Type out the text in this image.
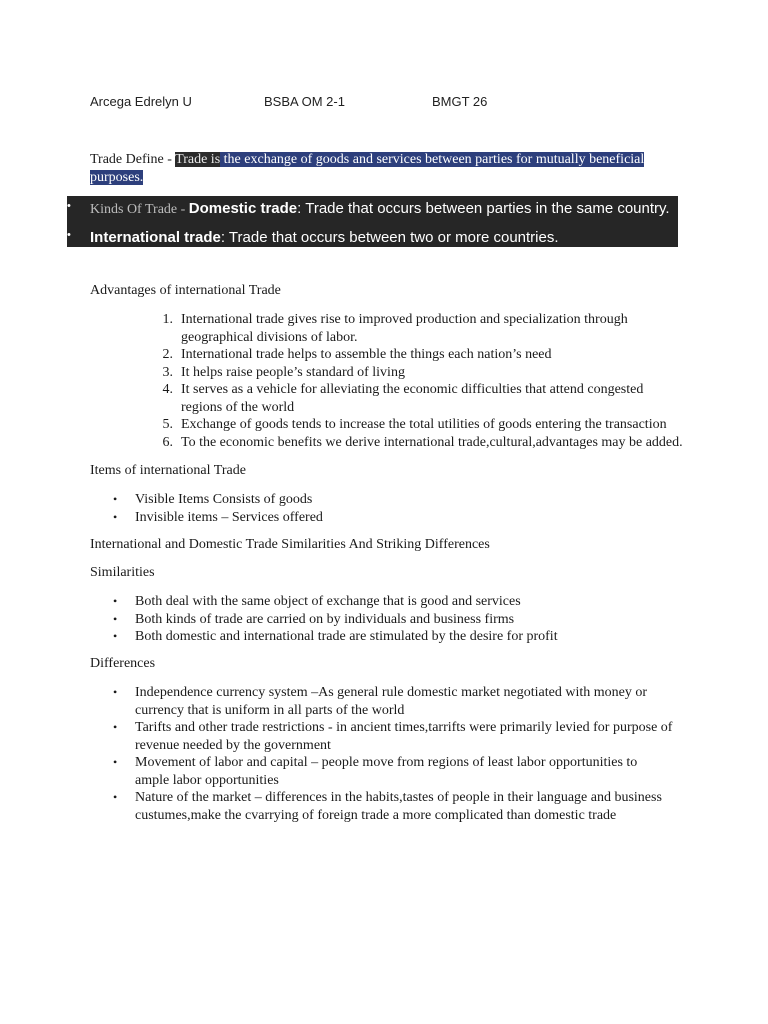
Arcega Edrelyn U	BSBA OM 2-1	BMGT 26
Trade Define - Trade is the exchange of goods and services between parties for mutually beneficial purposes.
•	Kinds Of Trade - Domestic trade: Trade that occurs between parties in the same country.
•	International trade: Trade that occurs between two or more countries.
Advantages of international Trade
1. International trade gives rise to improved production and specialization through geographical divisions of labor.
2. International trade helps to assemble the things each nation’s need
3. It helps raise people’s standard of living
4. It serves as a vehicle for alleviating the economic difficulties that attend congested regions of the world
5. Exchange of goods tends to increase the total utilities of goods entering the transaction
6. To the economic benefits we derive international trade,cultural,advantages may be added.
Items of international Trade
• Visible Items Consists of goods
• Invisible items – Services offered
International and Domestic Trade Similarities And Striking Differences
Similarities
• Both deal with the same object of exchange that is good and services
• Both kinds of trade are carried on by individuals and business firms
• Both domestic and international trade are stimulated by the desire for profit
Differences
• Independence currency system –As general rule domestic market negotiated with money or currency that is uniform in all parts of the world
• Tarifts and other trade restrictions - in ancient times,tarrifts were primarily levied for purpose of revenue needed by the government
• Movement of labor and capital – people move from regions of least labor opportunities to ample labor opportunities
• Nature of the market – differences in the habits,tastes of people in their language and business custumes,make the cvarrying of foreign trade a more complicated than domestic trade
